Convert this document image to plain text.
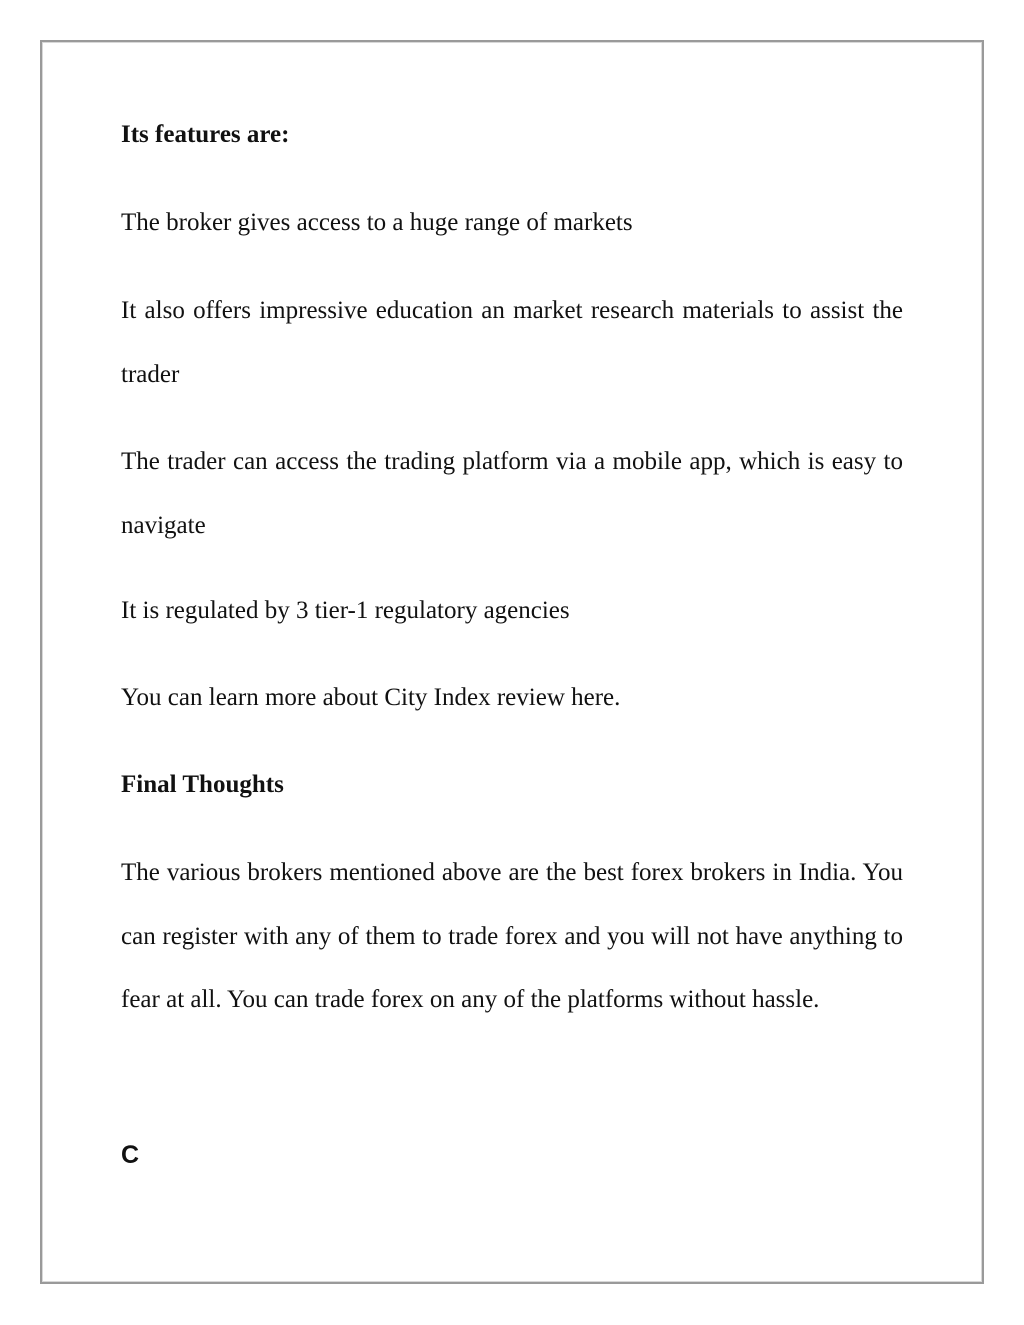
Its features are:

The broker gives access to a huge range of markets

It also offers impressive education an market research materials to assist the trader

The trader can access the trading platform via a mobile app, which is easy to navigate

It is regulated by 3 tier-1 regulatory agencies

You can learn more about City Index review here.

Final Thoughts

The various brokers mentioned above are the best forex brokers in India. You can register with any of them to trade forex and you will not have anything to fear at all. You can trade forex on any of the platforms without hassle.

C
